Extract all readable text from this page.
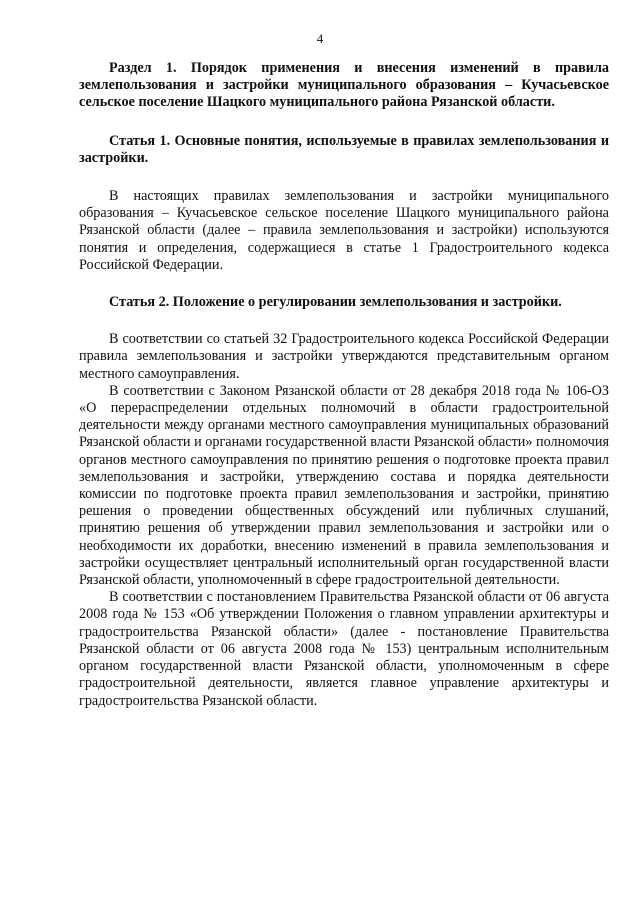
4

Раздел 1. Порядок применения и внесения изменений в правила землепользования и застройки муниципального образования – Кучасьевское сельское поселение Шацкого муниципального района Рязанской области.

Статья 1. Основные понятия, используемые в правилах землепользования и застройки.

В настоящих правилах землепользования и застройки муниципального образования – Кучасьевское сельское поселение Шацкого муниципального района Рязанской области (далее – правила землепользования и застройки) используются понятия и определения, содержащиеся в статье 1 Градостроительного кодекса Российской Федерации.

Статья 2. Положение о регулировании землепользования и застройки.

В соответствии со статьей 32 Градостроительного кодекса Российской Федерации правила землепользования и застройки утверждаются представительным органом местного самоуправления.

В соответствии с Законом Рязанской области от 28 декабря 2018 года № 106-ОЗ «О перераспределении отдельных полномочий в области градостроительной деятельности между органами местного самоуправления муниципальных образований Рязанской области и органами государственной власти Рязанской области» полномочия органов местного самоуправления по принятию решения о подготовке проекта правил землепользования и застройки, утверждению состава и порядка деятельности комиссии по подготовке проекта правил землепользования и застройки, принятию решения о проведении общественных обсуждений или публичных слушаний, принятию решения об утверждении правил землепользования и застройки или о необходимости их доработки, внесению изменений в правила землепользования и застройки осуществляет центральный исполнительный орган государственной власти Рязанской области, уполномоченный в сфере градостроительной деятельности.

В соответствии с постановлением Правительства Рязанской области от 06 августа 2008 года № 153 «Об утверждении Положения о главном управлении архитектуры и градостроительства Рязанской области» (далее - постановление Правительства Рязанской области от 06 августа 2008 года № 153) центральным исполнительным органом государственной власти Рязанской области, уполномоченным в сфере градостроительной деятельности, является главное управление архитектуры и градостроительства Рязанской области.
